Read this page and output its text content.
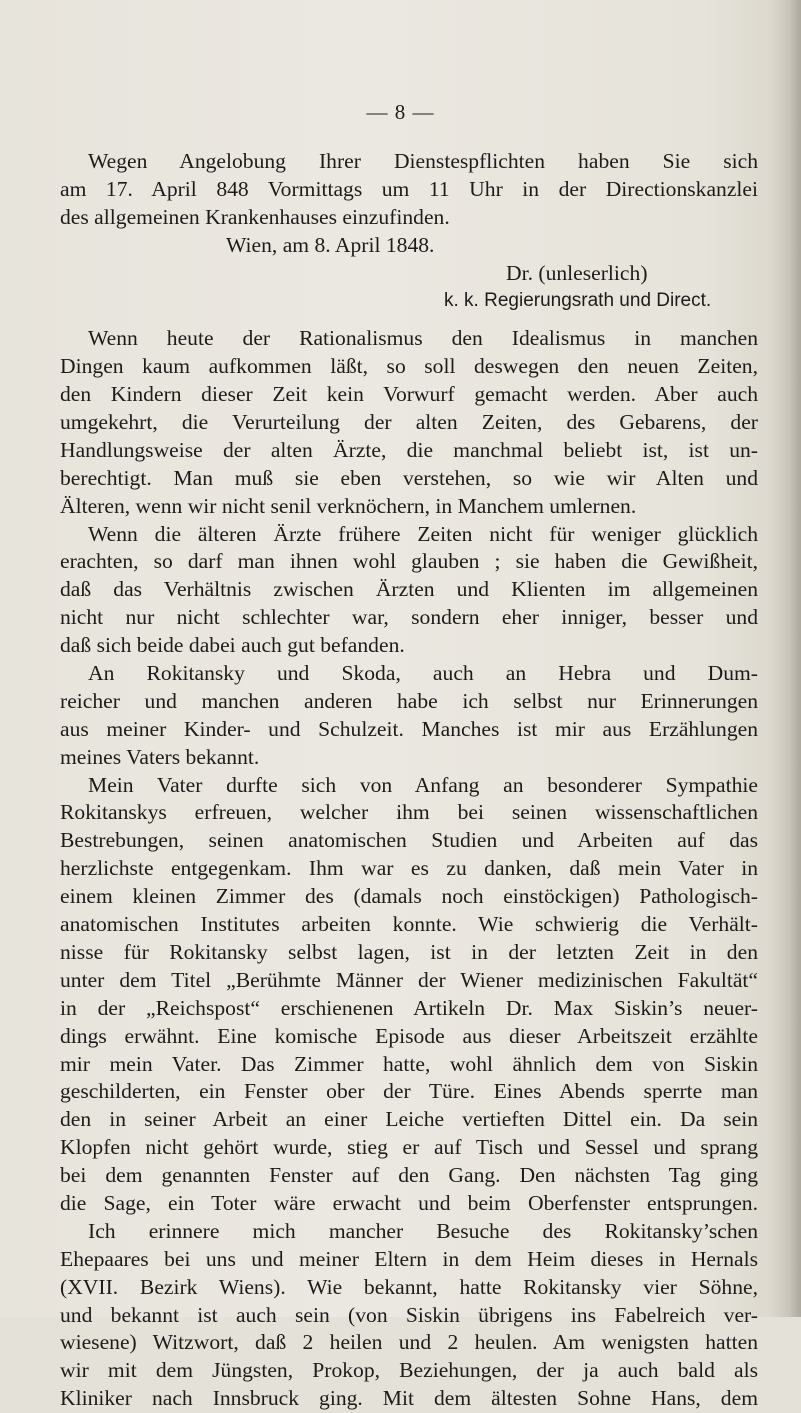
— 8 —
Wegen Angelobung Ihrer Dienstespflichten haben Sie sich
am 17. April 848 Vormittags um 11 Uhr in der Directionskanzlei
des allgemeinen Krankenhauses einzufinden.
Wien, am 8. April 1848.
Dr. (unleserlich)
k. k. Regierungsrath und Direct.
Wenn heute der Rationalismus den Idealismus in manchen
Dingen kaum aufkommen läßt, so soll deswegen den neuen Zeiten,
den Kindern dieser Zeit kein Vorwurf gemacht werden. Aber auch
umgekehrt, die Verurteilung der alten Zeiten, des Gebarens, der
Handlungsweise der alten Ärzte, die manchmal beliebt ist, ist un-
berechtigt. Man muß sie eben verstehen, so wie wir Alten und
Älteren, wenn wir nicht senil verknöchern, in Manchem umlernen.
Wenn die älteren Ärzte frühere Zeiten nicht für weniger glücklich
erachten, so darf man ihnen wohl glauben ; sie haben die Gewißheit,
daß das Verhältnis zwischen Ärzten und Klienten im allgemeinen
nicht nur nicht schlechter war, sondern eher inniger, besser und
daß sich beide dabei auch gut befanden.
An Rokitansky und Skoda, auch an Hebra und Dum-
reicher und manchen anderen habe ich selbst nur Erinnerungen
aus meiner Kinder- und Schulzeit. Manches ist mir aus Erzählungen
meines Vaters bekannt.
Mein Vater durfte sich von Anfang an besonderer Sympathie
Rokitanskys erfreuen, welcher ihm bei seinen wissenschaftlichen
Bestrebungen, seinen anatomischen Studien und Arbeiten auf das
herzlichste entgegenkam. Ihm war es zu danken, daß mein Vater in
einem kleinen Zimmer des (damals noch einstöckigen) Pathologisch-
anatomischen Institutes arbeiten konnte. Wie schwierig die Verhält-
nisse für Rokitansky selbst lagen, ist in der letzten Zeit in den
unter dem Titel „Berühmte Männer der Wiener medizinischen Fakultät“
in der „Reichspost“ erschienenen Artikeln Dr. Max Siskin’s neuer-
dings erwähnt. Eine komische Episode aus dieser Arbeitszeit erzählte
mir mein Vater. Das Zimmer hatte, wohl ähnlich dem von Siskin
geschilderten, ein Fenster ober der Türe. Eines Abends sperrte man
den in seiner Arbeit an einer Leiche vertieften Dittel ein. Da sein
Klopfen nicht gehört wurde, stieg er auf Tisch und Sessel und sprang
bei dem genannten Fenster auf den Gang. Den nächsten Tag ging
die Sage, ein Toter wäre erwacht und beim Oberfenster entsprungen.
Ich erinnere mich mancher Besuche des Rokitansky’schen
Ehepaares bei uns und meiner Eltern in dem Heim dieses in Hernals
(XVII. Bezirk Wiens). Wie bekannt, hatte Rokitansky vier Söhne,
und bekannt ist auch sein (von Siskin übrigens ins Fabelreich ver-
wiesene) Witzwort, daß 2 heilen und 2 heulen. Am wenigsten hatten
wir mit dem Jüngsten, Prokop, Beziehungen, der ja auch bald als
Kliniker nach Innsbruck ging. Mit dem ältesten Sohne Hans, dem
